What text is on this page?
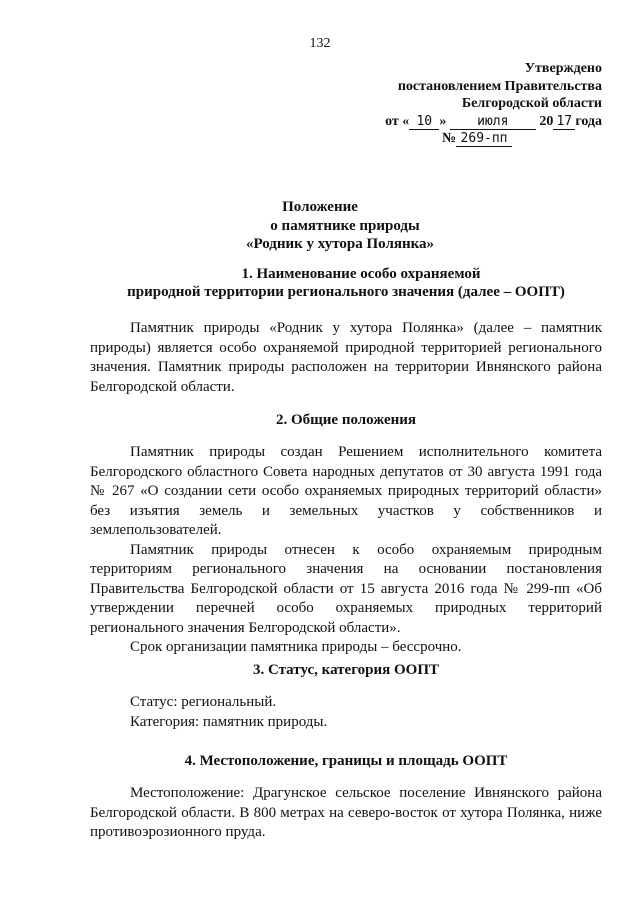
132
Утверждено
постановлением Правительства
Белгородской области
от « 10 » июля 20 17 года
№ 269-пп
Положение
о памятнике природы
«Родник у хутора Полянка»
1. Наименование особо охраняемой
природной территории регионального значения (далее – ООПТ)

Памятник природы «Родник у хутора Полянка» (далее – памятник природы) является особо охраняемой природной территорией регионального значения. Памятник природы расположен на территории Ивнянского района Белгородской области.

2. Общие положения

Памятник природы создан Решением исполнительного комитета Белгородского областного Совета народных депутатов от 30 августа 1991 года № 267 «О создании сети особо охраняемых природных территорий области» без изъятия земель и земельных участков у собственников и землепользователей.

Памятник природы отнесен к особо охраняемым природным территориям регионального значения на основании постановления Правительства Белгородской области от 15 августа 2016 года № 299-пп «Об утверждении перечней особо охраняемых природных территорий регионального значения Белгородской области».

Срок организации памятника природы – бессрочно.

3. Статус, категория ООПТ

Статус: региональный.

Категория: памятник природы.

4. Местоположение, границы и площадь ООПТ

Местоположение: Драгунское сельское поселение Ивнянского района Белгородской области. В 800 метрах на северо-восток от хутора Полянка, ниже противоэрозионного пруда.
